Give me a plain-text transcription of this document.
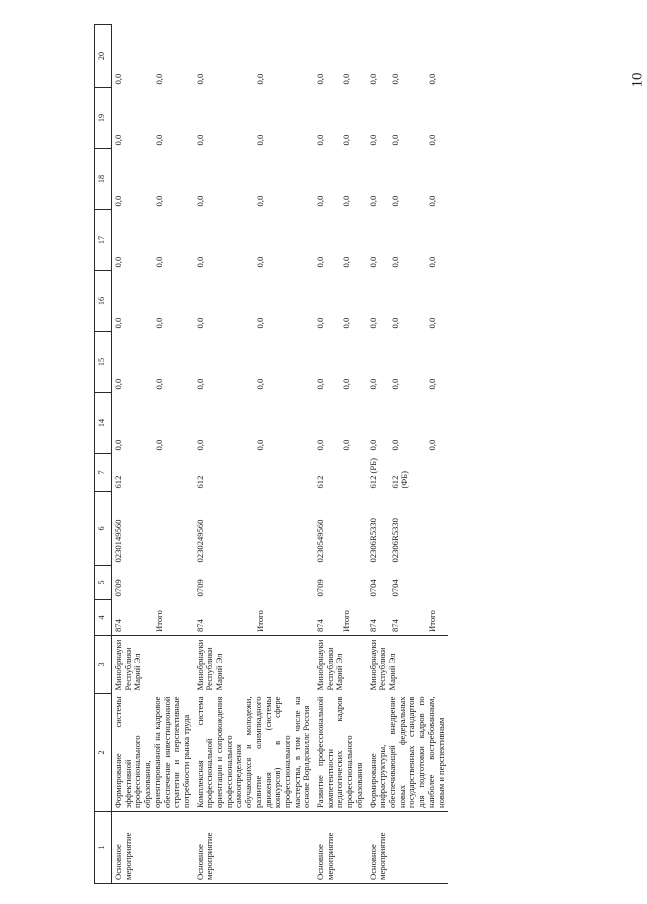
10
1	2	3	4	5	6	7	14	15	16	17	18	19	20
Основное мероприятие	Формирование системы эффективной профессионального образования, ориентированной на кадровое обеспечение инвестиционной стратегии и перспективные потребности рынка труда	Минобрнауки Республики Марий Эл	874	0709	0230149560	612	0,0	0,0	0,0	0,0	0,0	0,0	0,0
			Итого				0,0	0,0	0,0	0,0	0,0	0,0	0,0
Основное мероприятие	Комплексная система профессиональной ориентации и сопровождения профессионального самоопределения обучающихся и молодежи, развитие олимпиадного движения (системы конкурсов) в сфере профессионального мастерства, в том числе на основе Ворлдскиллс Россия	Минобрнауки Республики Марий Эл	874	0709	0230249560	612	0,0	0,0	0,0	0,0	0,0	0,0	0,0
			Итого				0,0	0,0	0,0	0,0	0,0	0,0	0,0
Основное мероприятие	Развитие профессиональной компетентности педагогических кадров профессионального образования	Минобрнауки Республики Марий Эл	874	0709	0230549560	612	0,0	0,0	0,0	0,0	0,0	0,0	0,0
			Итого				0,0	0,0	0,0	0,0	0,0	0,0	0,0
Основное мероприятие	Формирование инфраструктуры, обеспечивающей внедрение новых федеральных государственных стандартов для подготовки кадров по наиболее востребованным, новым и перспективным	Минобрнауки Республики Марий Эл	874	0704	02306R5330	612 (РБ)	0,0	0,0	0,0	0,0	0,0	0,0	0,0
			874	0704	02306R5330	612 (ФБ)	0,0	0,0	0,0	0,0	0,0	0,0	0,0
			Итого				0,0	0,0	0,0	0,0	0,0	0,0	0,0
